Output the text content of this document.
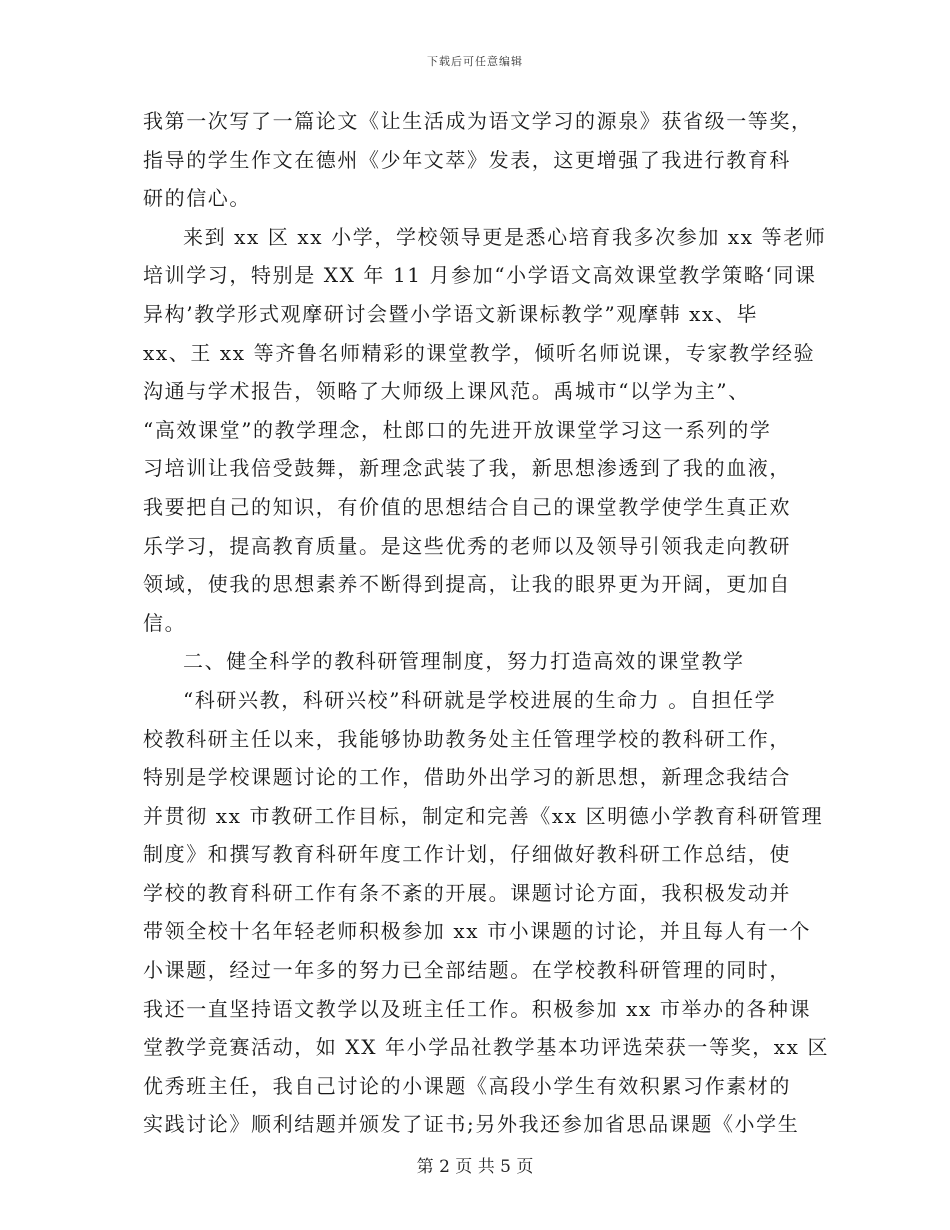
下载后可任意编辑
我第一次写了一篇论文《让生活成为语文学习的源泉》获省级一等奖，
指导的学生作文在德州《少年文萃》发表，这更增强了我进行教育科
研的信心。
来到 xx 区 xx 小学，学校领导更是悉心培育我多次参加 xx 等老师
培训学习，特别是 XX 年 11 月参加“小学语文高效课堂教学策略‘同课
异构’教学形式观摩研讨会暨小学语文新课标教学”观摩韩 xx、毕
xx、王 xx 等齐鲁名师精彩的课堂教学，倾听名师说课，专家教学经验
沟通与学术报告，领略了大师级上课风范。禹城市“以学为主”、
“高效课堂”的教学理念，杜郎口的先进开放课堂学习这一系列的学
习培训让我倍受鼓舞，新理念武装了我，新思想渗透到了我的血液，
我要把自己的知识，有价值的思想结合自己的课堂教学使学生真正欢
乐学习，提高教育质量。是这些优秀的老师以及领导引领我走向教研
领域，使我的思想素养不断得到提高，让我的眼界更为开阔，更加自
信。
二、健全科学的教科研管理制度，努力打造高效的课堂教学
“科研兴教，科研兴校”科研就是学校进展的生命力 。自担任学
校教科研主任以来，我能够协助教务处主任管理学校的教科研工作，
特别是学校课题讨论的工作，借助外出学习的新思想，新理念我结合
并贯彻 xx 市教研工作目标，制定和完善《xx 区明德小学教育科研管理
制度》和撰写教育科研年度工作计划，仔细做好教科研工作总结，使
学校的教育科研工作有条不紊的开展。课题讨论方面，我积极发动并
带领全校十名年轻老师积极参加 xx 市小课题的讨论，并且每人有一个
小课题，经过一年多的努力已全部结题。在学校教科研管理的同时，
我还一直坚持语文教学以及班主任工作。积极参加 xx 市举办的各种课
堂教学竞赛活动，如 XX 年小学品社教学基本功评选荣获一等奖，xx 区
优秀班主任，我自己讨论的小课题《高段小学生有效积累习作素材的
实践讨论》顺利结题并颁发了证书;另外我还参加省思品课题《小学生
第 2 页 共 5 页
